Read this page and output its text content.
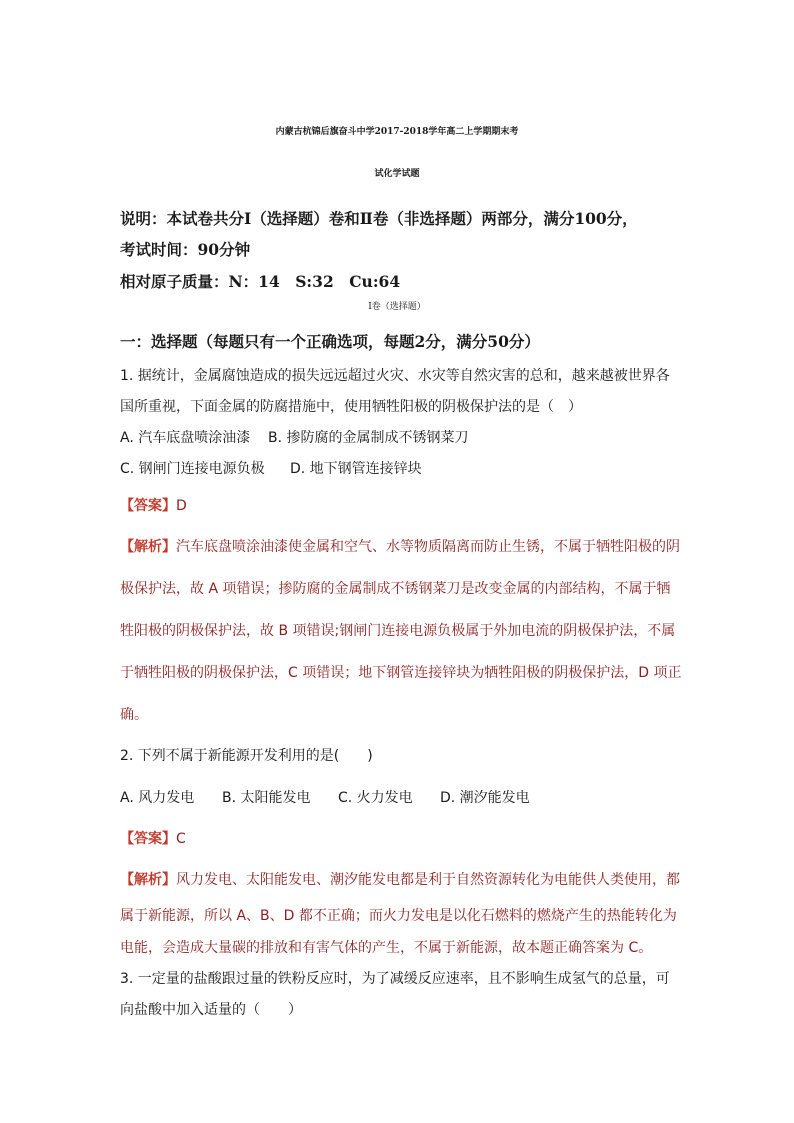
内蒙古杭锦后旗奋斗中学2017-2018学年高二上学期期末考
试化学试题
说明：本试卷共分Ⅰ（选择题）卷和Ⅱ卷（非选择题）两部分，满分100分，
考试时间：90分钟
相对原子质量：N：14　S:32　Cu:64
Ⅰ卷（选择题）
一：选择题（每题只有一个正确选项，每题2分，满分50分）
1. 据统计，金属腐蚀造成的损失远远超过火灾、水灾等自然灾害的总和，越来越被世界各
国所重视，下面金属的防腐措施中，使用牺牲阳极的阴极保护法的是（　）
A. 汽车底盘喷涂油漆 B. 掺防腐的金属制成不锈钢菜刀
C. 钢闸门连接电源负极 D. 地下钢管连接锌块
【答案】D
【解析】汽车底盘喷涂油漆使金属和空气、水等物质隔离而防止生锈，不属于牺牲阳极的阴
极保护法，故 A 项错误；掺防腐的金属制成不锈钢菜刀是改变金属的内部结构，不属于牺
牲阳极的阴极保护法，故 B 项错误;钢闸门连接电源负极属于外加电流的阴极保护法，不属
于牺牲阳极的阴极保护法，C 项错误；地下钢管连接锌块为牺牲阳极的阴极保护法，D 项正
确。
2. 下列不属于新能源开发利用的是(　　)
A. 风力发电 B. 太阳能发电 C. 火力发电 D. 潮汐能发电
【答案】C
【解析】风力发电、太阳能发电、潮汐能发电都是利于自然资源转化为电能供人类使用，都
属于新能源，所以 A、B、D 都不正确；而火力发电是以化石燃料的燃烧产生的热能转化为
电能，会造成大量碳的排放和有害气体的产生，不属于新能源，故本题正确答案为 C。
3. 一定量的盐酸跟过量的铁粉反应时，为了减缓反应速率，且不影响生成氢气的总量，可
向盐酸中加入适量的（　　）
